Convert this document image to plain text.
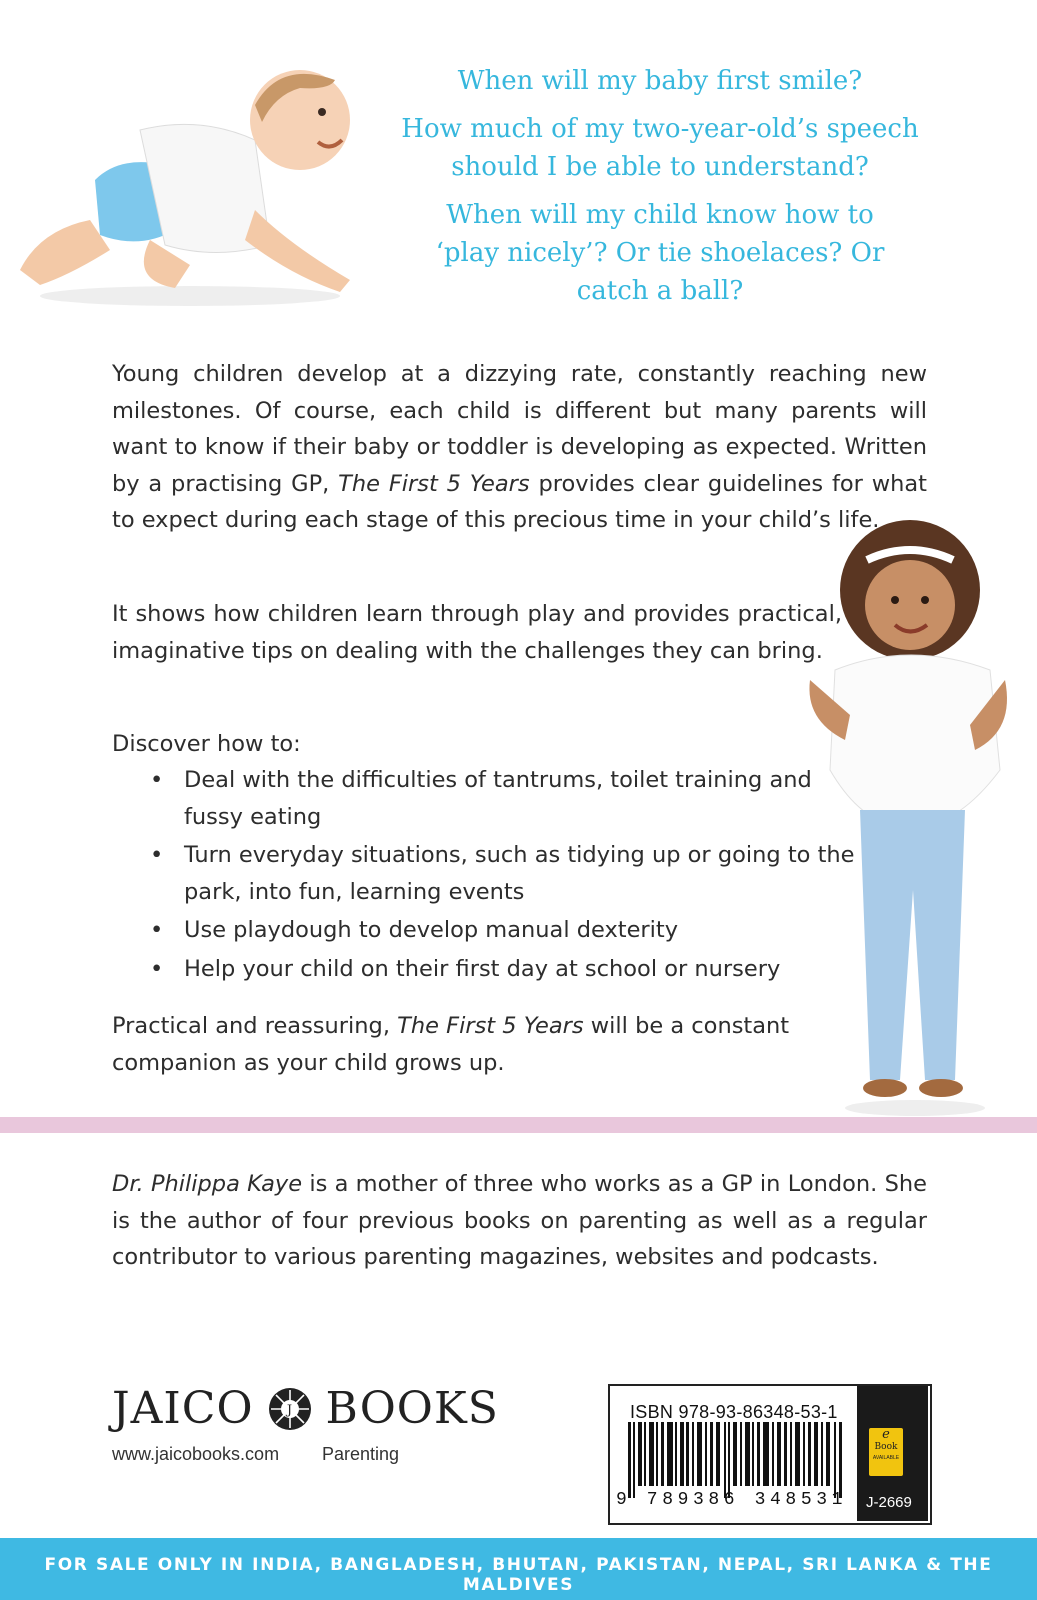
When will my baby first smile?

How much of my two-year-old’s speech should I be able to understand?

When will my child know how to ‘play nicely’? Or tie shoelaces? Or catch a ball?

Young children develop at a dizzying rate, constantly reaching new milestones. Of course, each child is different but many parents will want to know if their baby or toddler is developing as expected. Written by a practising GP, The First 5 Years provides clear guidelines for what to expect during each stage of this precious time in your child’s life.

It shows how children learn through play and provides practical, imaginative tips on dealing with the challenges they can bring.

Discover how to:

• Deal with the difficulties of tantrums, toilet training and fussy eating
• Turn everyday situations, such as tidying up or going to the park, into fun, learning events
• Use playdough to develop manual dexterity
• Help your child on their first day at school or nursery

Practical and reassuring, The First 5 Years will be a constant companion as your child grows up.

Dr. Philippa Kaye is a mother of three who works as a GP in London. She is the author of four previous books on parenting as well as a regular contributor to various parenting magazines, websites and podcasts.

JAICO	J BOOKS
www.jaicobooks.com Parenting
ISBN 978-93-86348-53-1
9 789386 348531
e
Book
AVAILABLE
J-2669
FOR SALE ONLY IN INDIA, BANGLADESH, BHUTAN, PAKISTAN, NEPAL, SRI LANKA & THE MALDIVES
